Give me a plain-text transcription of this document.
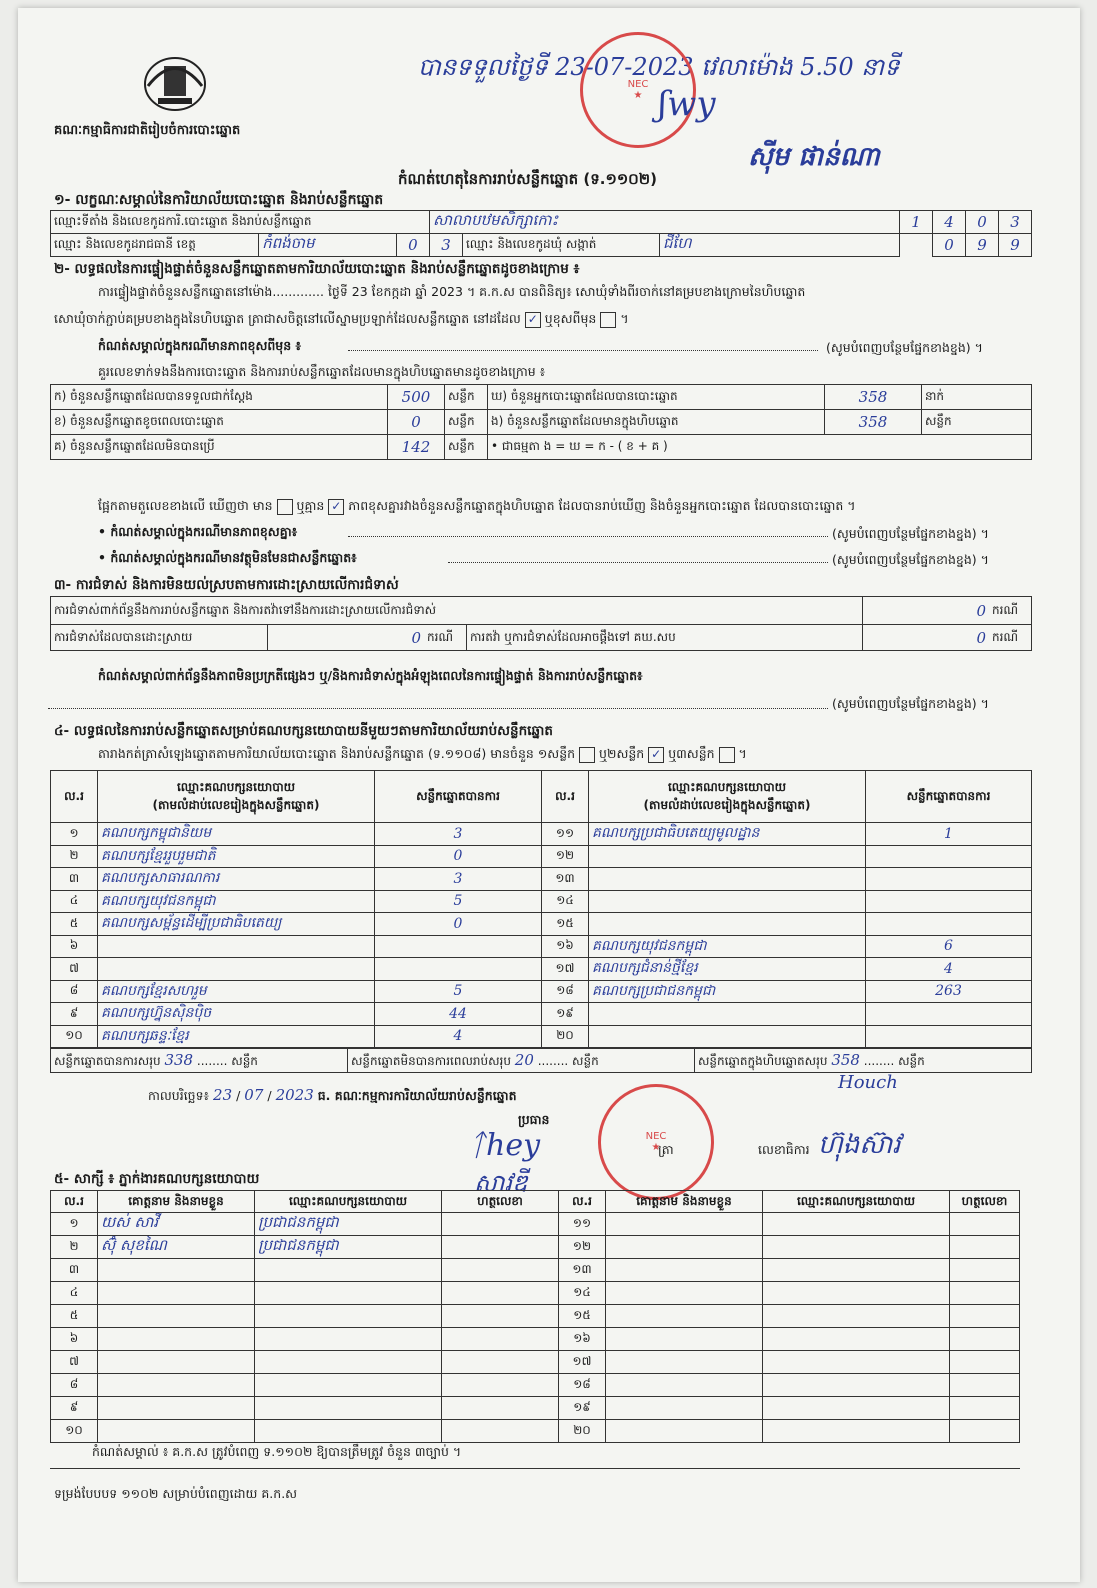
គណៈកម្មាធិការជាតិរៀបចំការបោះឆ្នោត
បានទទួលថ្ងៃទី 23-07-2023 វេលាម៉ោង 5.50 នាទី
ស៊ីម ផាន់ណា
NEC
★ ʃwy
កំណត់ហេតុនៃការរាប់សន្លឹកឆ្នោត (ទ.១១០២)
១- លក្ខណៈសម្គាល់នៃការិយាល័យបោះឆ្នោត និងរាប់សន្លឹកឆ្នោត
ឈ្មោះទីតាំង និងលេខកូដការិ.បោះឆ្នោត និងរាប់សន្លឹកឆ្នោត			សាលាបឋមសិក្សាកោះ			1	4	0	3
ឈ្មោះ និងលេខកូដរាជធានី ខេត្ត	កំពង់ចាម	0	3	ឈ្មោះ និងលេខកូដឃុំ សង្កាត់	ជីហែ		0	9	9
២- លទ្ធផលនៃការផ្ទៀងផ្ទាត់ចំនួនសន្លឹកឆ្នោតតាមការិយាល័យបោះឆ្នោត និងរាប់សន្លឹកឆ្នោតដូចខាងក្រោម ៖
ការផ្ទៀងផ្ទាត់ចំនួនសន្លឹកឆ្នោតនៅម៉ោង............. ថ្ងៃទី 23 ខែកក្កដា ឆ្នាំ 2023 ។ គ.ក.ស បានពិនិត្យ៖ សោឃុំទាំងពីរចាក់នៅគម្របខាងក្រោមនៃហិបឆ្នោត
សោឃុំចាក់ភ្ជាប់គម្របខាងក្នុងនៃហិបឆ្នោត ត្រាជាសចិត្តនៅលើស្នាមប្រឡាក់ដែលសន្លឹកឆ្នោត នៅដដែល ✓ ឬខុសពីមុន  ។
កំណត់សម្គាល់ក្នុងករណីមានភាពខុសពីមុន ៖	(សូមបំពេញបន្ថែមផ្នែកខាងខ្នង) ។
គួរលេខទាក់ទងនឹងការបោះឆ្នោត និងការរាប់សន្លឹកឆ្នោតដែលមានក្នុងហិបឆ្នោតមានដូចខាងក្រោម ៖
ក) ចំនួនសន្លឹកឆ្នោតដែលបានទទួលជាក់ស្តែង	500	សន្លឹក	ឃ) ចំនួនអ្នកបោះឆ្នោតដែលបានបោះឆ្នោត	358	នាក់
ខ) ចំនួនសន្លឹកឆ្នោតខូចពេលបោះឆ្នោត	0	សន្លឹក	ង) ចំនួនសន្លឹកឆ្នោតដែលមានក្នុងហិបឆ្នោត	358	សន្លឹក
គ) ចំនួនសន្លឹកឆ្នោតដែលមិនបានប្រើ	142	សន្លឹក	• ជាធម្មតា ង = ឃ = ក - ( ខ + គ )		
ផ្អែកតាមតួលេខខាងលើ ឃើញថា មាន ឬគ្មាន ✓ ភាពខុសគ្នារវាងចំនួនសន្លឹកឆ្នោតក្នុងហិបឆ្នោត ដែលបានរាប់ឃើញ និងចំនួនអ្នកបោះឆ្នោត ដែលបានបោះឆ្នោត ។
• កំណត់សម្គាល់ក្នុងករណីមានភាពខុសគ្នា៖	(សូមបំពេញបន្ថែមផ្នែកខាងខ្នង) ។
• កំណត់សម្គាល់ក្នុងករណីមានវត្ថុមិនមែនជាសន្លឹកឆ្នោត៖	(សូមបំពេញបន្ថែមផ្នែកខាងខ្នង) ។
៣- ការជំទាស់ និងការមិនយល់ស្របតាមការដោះស្រាយលើការជំទាស់
ការជំទាស់ពាក់ព័ន្ធនឹងការរាប់សន្លឹកឆ្នោត និងការតវ៉ាទៅនឹងការដោះស្រាយលើការជំទាស់				0	ករណី
ការជំទាស់ដែលបានដោះស្រាយ	0	ករណី	ការតវ៉ា ឬការជំទាស់ដែលអាចផ្តឹងទៅ គឃ.សប	0	ករណី
កំណត់សម្គាល់ពាក់ព័ន្ធនឹងភាពមិនប្រក្រតីផ្សេងៗ ឬ/និងការជំទាស់ក្នុងអំឡុងពេលនៃការផ្ទៀងផ្ទាត់ និងការរាប់សន្លឹកឆ្នោត៖
(សូមបំពេញបន្ថែមផ្នែកខាងខ្នង) ។
៤- លទ្ធផលនៃការរាប់សន្លឹកឆ្នោតសម្រាប់គណបក្សនយោបាយនីមួយៗតាមការិយាល័យរាប់សន្លឹកឆ្នោត
តារាងកត់ត្រាសំឡេងឆ្នោតតាមការិយាល័យបោះឆ្នោត និងរាប់សន្លឹកឆ្នោត (ទ.១១០៨) មានចំនួន ១សន្លឹក ឬ២សន្លឹក ✓ ឬ៣សន្លឹក  ។
ល.រ	ឈ្មោះគណបក្សនយោបាយ
(តាមលំដាប់លេខរៀងក្នុងសន្លឹកឆ្នោត)	សន្លឹកឆ្នោតបានការ	ល.រ	ឈ្មោះគណបក្សនយោបាយ
(តាមលំដាប់លេខរៀងក្នុងសន្លឹកឆ្នោត)	សន្លឹកឆ្នោតបានការ
១	គណបក្សកម្ពុជានិយម	3	១១	គណបក្សប្រជាធិបតេយ្យមូលដ្ឋាន	1
២	គណបក្សខ្មែររួបរួមជាតិ	0	១២		
៣	គណបក្សសាធារណការ	3	១៣		
៤	គណបក្សយុវជនកម្ពុជា	5	១៤		
៥	គណបក្សសម្ព័ន្ធដើម្បីប្រជាធិបតេយ្យ	0	១៥		
៦			១៦	គណបក្សយុវជនកម្ពុជា	6
៧			១៧	គណបក្សជំនាន់ថ្មីខ្មែរ	4
៨	គណបក្សខ្មែរសហរួម	5	១៨	គណបក្សប្រជាជនកម្ពុជា	263
៩	គណបក្សហ្វ៊ុនស៊ិនប៉ិច	44	១៩		
១០	គណបក្សឆន្ទៈខ្មែរ	4	២០		
សន្លឹកឆ្នោតបានការសរុប 338 ........ សន្លឹក	សន្លឹកឆ្នោតមិនបានការពេលរាប់សរុប 20 ........ សន្លឹក	សន្លឹកឆ្នោតក្នុងហិបឆ្នោតសរុប 358 ........ សន្លឹក
កាលបរិច្ឆេទ៖ 23 / 07 / 2023 ធ. គណៈកម្មការការិយាល័យរាប់សន្លឹកឆ្នោត
Houch
ប្រធាន
ᛏhey	NEC
★
ត្រា	លេខាធិការ ហ៊ុងស៊ាវ
សាវឌី
៥- សាក្សី ៖ ភ្នាក់ងារគណបក្សនយោបាយ
ល.រ	គោត្តនាម និងនាមខ្លួន	ឈ្មោះគណបក្សនយោបាយ	ហត្ថលេខា	ល.រ	គោត្តនាម និងនាមខ្លួន	ឈ្មោះគណបក្សនយោបាយ	ហត្ថលេខា
១	យស់ សាវី	ប្រជាជនកម្ពុជា		១១			
២	ស៊ុំ សុខណៃ	ប្រជាជនកម្ពុជា		១២			
៣				១៣			
៤				១៤			
៥				១៥			
៦				១៦			
៧				១៧			
៨				១៨			
៩				១៩			
១០				២០			
កំណត់សម្គាល់ ៖ គ.ក.ស ត្រូវបំពេញ ទ.១១០២ ឱ្យបានត្រឹមត្រូវ ចំនួន ៣ច្បាប់ ។
ទម្រង់បែបបទ ១១០២ សម្រាប់បំពេញដោយ គ.ក.ស
